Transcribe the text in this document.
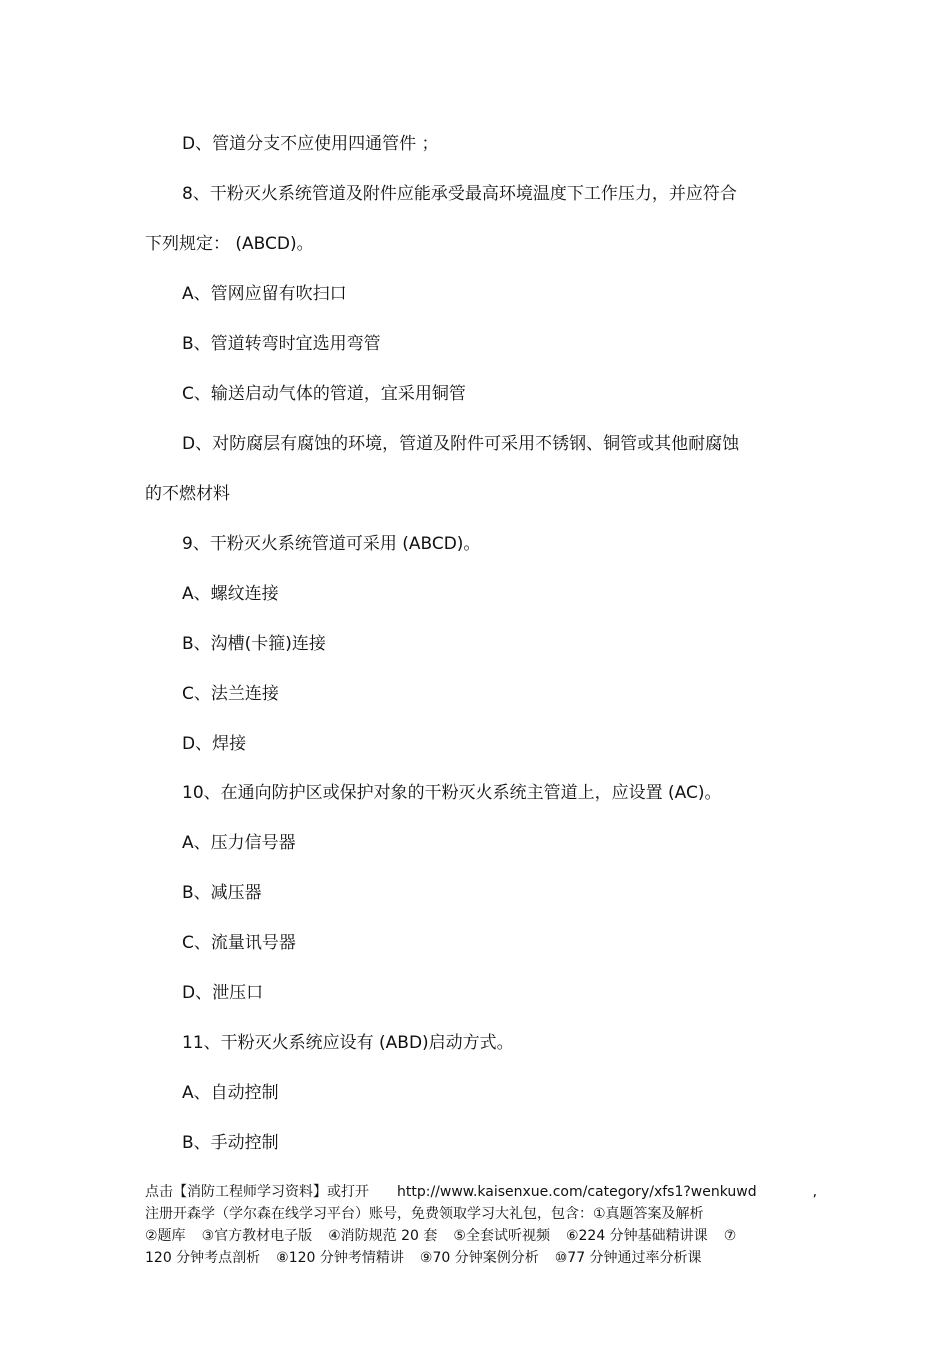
D、管道分支不应使用四通管件 ；

8、干粉灭火系统管道及附件应能承受最高环境温度下工作压力，并应符合

下列规定： (ABCD)。

A、管网应留有吹扫口

B、管道转弯时宜选用弯管

C、输送启动气体的管道，宜采用铜管

D、对防腐层有腐蚀的环境，管道及附件可采用不锈钢、铜管或其他耐腐蚀

的不燃材料

9、干粉灭火系统管道可采用 (ABCD)。

A、螺纹连接

B、沟槽(卡箍)连接

C、法兰连接

D、焊接

10、在通向防护区或保护对象的干粉灭火系统主管道上，应设置 (AC)。

A、压力信号器

B、减压器

C、流量讯号器

D、泄压口

11、干粉灭火系统应设有 (ABD)启动方式。

A、自动控制

B、手动控制

点击【消防工程师学习资料】或打开 http://www.kaisenxue.com/category/xfs1?wenkuwd	,
注册开森学（学尔森在线学习平台）账号，免费领取学习大礼包，包含：①真题答案及解析
②题库 ③官方教材电子版 ④消防规范 20 套 ⑤全套试听视频 ⑥224 分钟基础精讲课 ⑦
120 分钟考点剖析 ⑧120 分钟考情精讲 ⑨70 分钟案例分析 ⑩77 分钟通过率分析课
